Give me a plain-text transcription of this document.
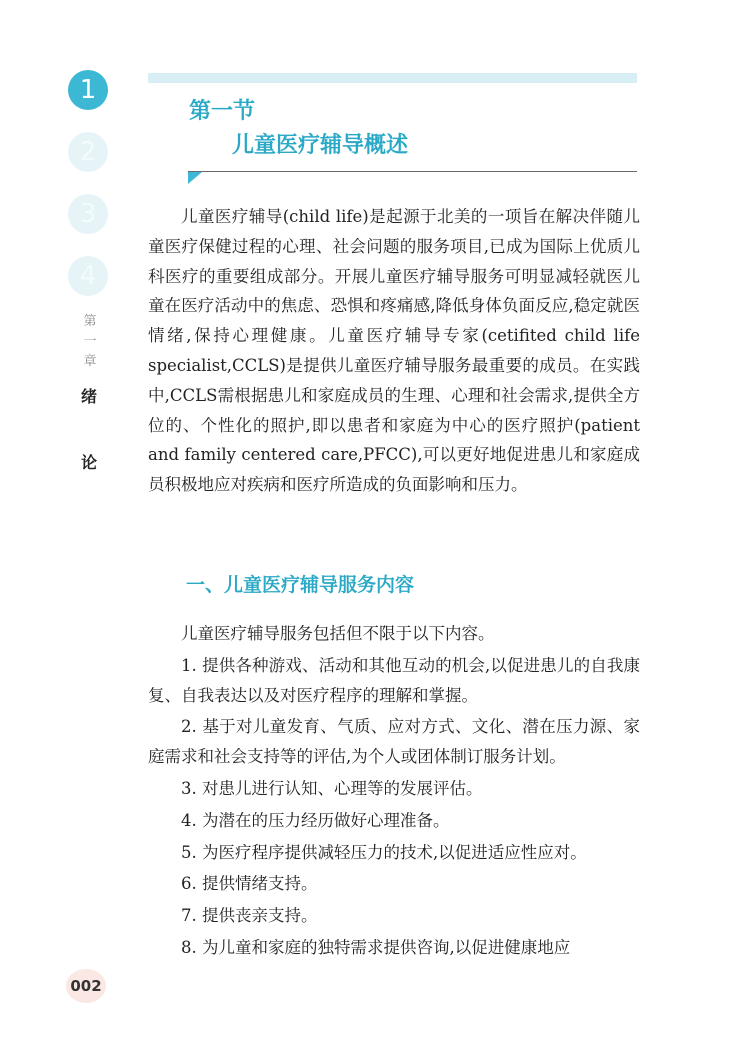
1
2
3
4
第
一
章
绪
论
002
第一节
儿童医疗辅导概述

儿童医疗辅导(child life)是起源于北美的一项旨在解决伴随儿童医疗保健过程的心理、社会问题的服务项目,已成为国际上优质儿科医疗的重要组成部分。开展儿童医疗辅导服务可明显减轻就医儿童在医疗活动中的焦虑、恐惧和疼痛感,降低身体负面反应,稳定就医情绪,保持心理健康。儿童医疗辅导专家(cetifited child life specialist,CCLS)是提供儿童医疗辅导服务最重要的成员。在实践中,CCLS需根据患儿和家庭成员的生理、心理和社会需求,提供全方位的、个性化的照护,即以患者和家庭为中心的医疗照护(patient and family centered care,PFCC),可以更好地促进患儿和家庭成员积极地应对疾病和医疗所造成的负面影响和压力。

一、儿童医疗辅导服务内容

儿童医疗辅导服务包括但不限于以下内容。

1. 提供各种游戏、活动和其他互动的机会,以促进患儿的自我康复、自我表达以及对医疗程序的理解和掌握。

2. 基于对儿童发育、气质、应对方式、文化、潜在压力源、家庭需求和社会支持等的评估,为个人或团体制订服务计划。

3. 对患儿进行认知、心理等的发展评估。

4. 为潜在的压力经历做好心理准备。

5. 为医疗程序提供减轻压力的技术,以促进适应性应对。

6. 提供情绪支持。

7. 提供丧亲支持。

8. 为儿童和家庭的独特需求提供咨询,以促进健康地应
